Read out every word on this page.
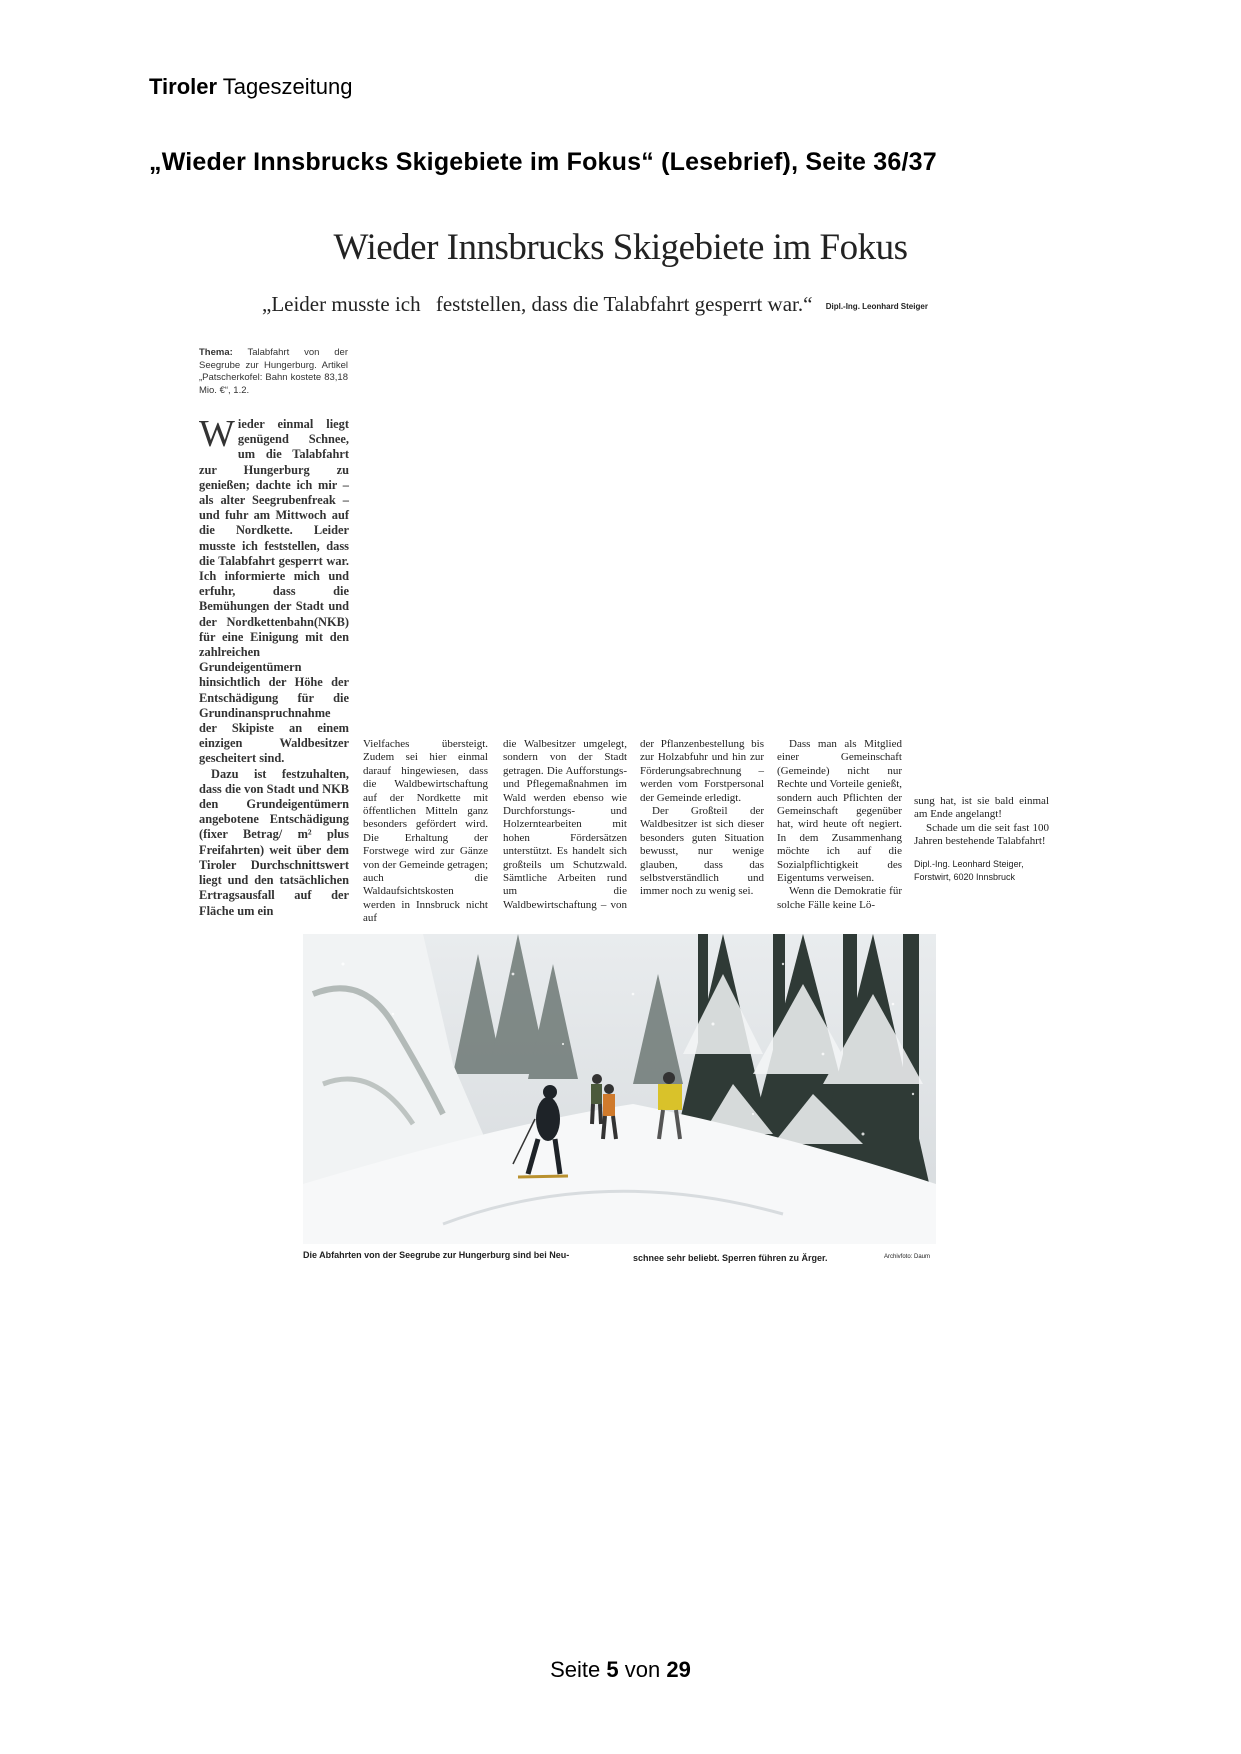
Tiroler Tageszeitung
„Wieder Innsbrucks Skigebiete im Fokus“ (Lesebrief), Seite 36/37
Wieder Innsbrucks Skigebiete im Fokus
„Leider musste ich feststellen, dass die Talabfahrt gesperrt war.“ Dipl.-Ing. Leonhard Steiger
Thema: Talabfahrt von der Seegrube zur Hungerburg. Artikel „Patscherkofel: Bahn kostete 83,18 Mio. €“, 1.2.

W ieder einmal liegt genügend Schnee, um die Talabfahrt zur Hungerburg zu genießen; dachte ich mir – als alter Seegrubenfreak – und fuhr am Mittwoch auf die Nordkette. Leider musste ich feststellen, dass die Talabfahrt gesperrt war. Ich informierte mich und erfuhr, dass die Bemühungen der Stadt und der Nordkettenbahn(NKB) für eine Einigung mit den zahlreichen Grundeigentümern hinsichtlich der Höhe der Entschädigung für die Grundinanspruchnahme der Skipiste an einem einzigen Waldbesitzer gescheitert sind.

Dazu ist festzuhalten, dass die von Stadt und NKB den Grundeigentümern angebotene Entschädigung (fixer Betrag/ m² plus Freifahrten) weit über dem Tiroler Durchschnittswert liegt und den tatsächlichen Ertragsausfall auf der Fläche um ein

Vielfaches übersteigt. Zudem sei hier einmal darauf hingewiesen, dass die Waldbewirtschaftung auf der Nordkette mit öffentlichen Mitteln ganz besonders gefördert wird. Die Erhaltung der Forstwege wird zur Gänze von der Gemeinde getragen; auch die Waldaufsichtskosten werden in Innsbruck nicht auf

die Walbesitzer umgelegt, sondern von der Stadt getragen. Die Aufforstungs- und Pflegemaßnahmen im Wald werden ebenso wie Durchforstungs- und Holzerntearbeiten mit hohen Fördersätzen unterstützt. Es handelt sich großteils um Schutzwald. Sämtliche Arbeiten rund um die Waldbewirtschaftung – von der Pflanzenbestellung bis zur Holzabfuhr und hin zur Förderungsabrechnung – werden vom Forstpersonal der Gemeinde erledigt.

Der Großteil der Waldbesitzer ist sich dieser besonders guten Situation bewusst, nur wenige glauben, dass das selbstverständlich und immer noch zu wenig sei.

Dass man als Mitglied einer Gemeinschaft (Gemeinde) nicht nur Rechte und Vorteile genießt, sondern auch Pflichten der Gemeinschaft gegenüber hat, wird heute oft negiert. In dem Zusammenhang möchte ich auf die Sozialpflichtigkeit des Eigentums verweisen.

Wenn die Demokratie für solche Fälle keine Lö-

sung hat, ist sie bald einmal am Ende angelangt!

Schade um die seit fast 100 Jahren bestehende Talabfahrt!

Dipl.-Ing. Leonhard Steiger,
Forstwirt, 6020 Innsbruck
Die Abfahrten von der Seegrube zur Hungerburg sind bei Neu-	schnee sehr beliebt. Sperren führen zu Ärger.	Archivfoto: Daum
Seite 5 von 29
